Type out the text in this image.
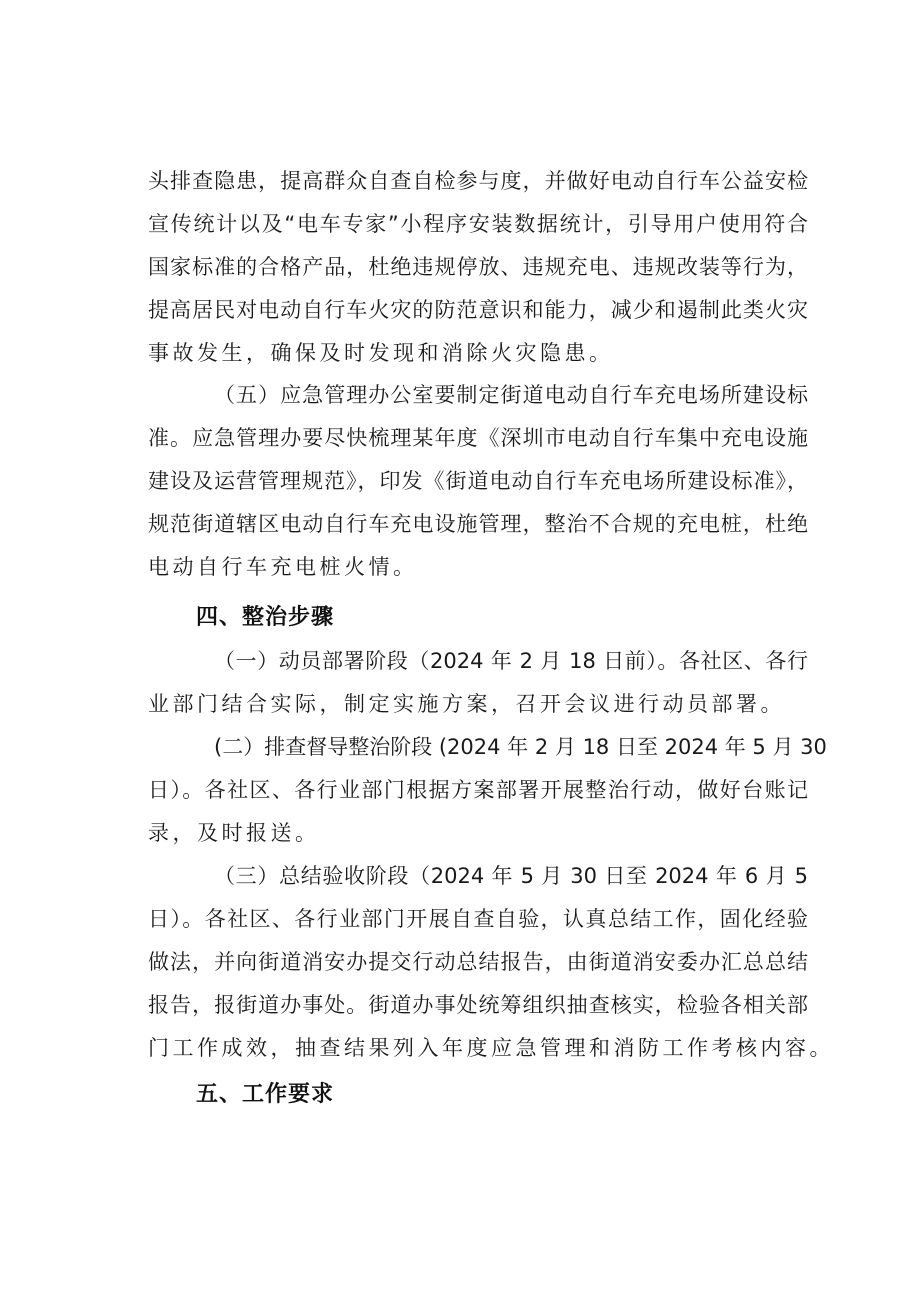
头排查隐患，提高群众自查自检参与度，并做好电动自行车公益安检
宣传统计以及“电车专家”小程序安装数据统计，引导用户使用符合
国家标准的合格产品，杜绝违规停放、违规充电、违规改装等行为，
提高居民对电动自行车火灾的防范意识和能力，减少和遏制此类火灾
事故发生，确保及时发现和消除火灾隐患。
（五）应急管理办公室要制定街道电动自行车充电场所建设标
准。应急管理办要尽快梳理某年度《深圳市电动自行车集中充电设施
建设及运营管理规范》，印发《街道电动自行车充电场所建设标准》，
规范街道辖区电动自行车充电设施管理，整治不合规的充电桩，杜绝
电动自行车充电桩火情。
四、整治步骤
（一）动员部署阶段（2024 年 2 月 18 日前）。各社区、各行
业部门结合实际，制定实施方案，召开会议进行动员部署。
(二）排查督导整治阶段 (2024 年 2 月 18 日至 2024 年 5 月 30
日）。各社区、各行业部门根据方案部署开展整治行动，做好台账记
录，及时报送。
（三）总结验收阶段（2024 年 5 月 30 日至 2024 年 6 月 5
日）。各社区、各行业部门开展自查自验，认真总结工作，固化经验
做法，并向街道消安办提交行动总结报告，由街道消安委办汇总总结
报告，报街道办事处。街道办事处统筹组织抽查核实，检验各相关部
门工作成效，抽查结果列入年度应急管理和消防工作考核内容。
五、工作要求
